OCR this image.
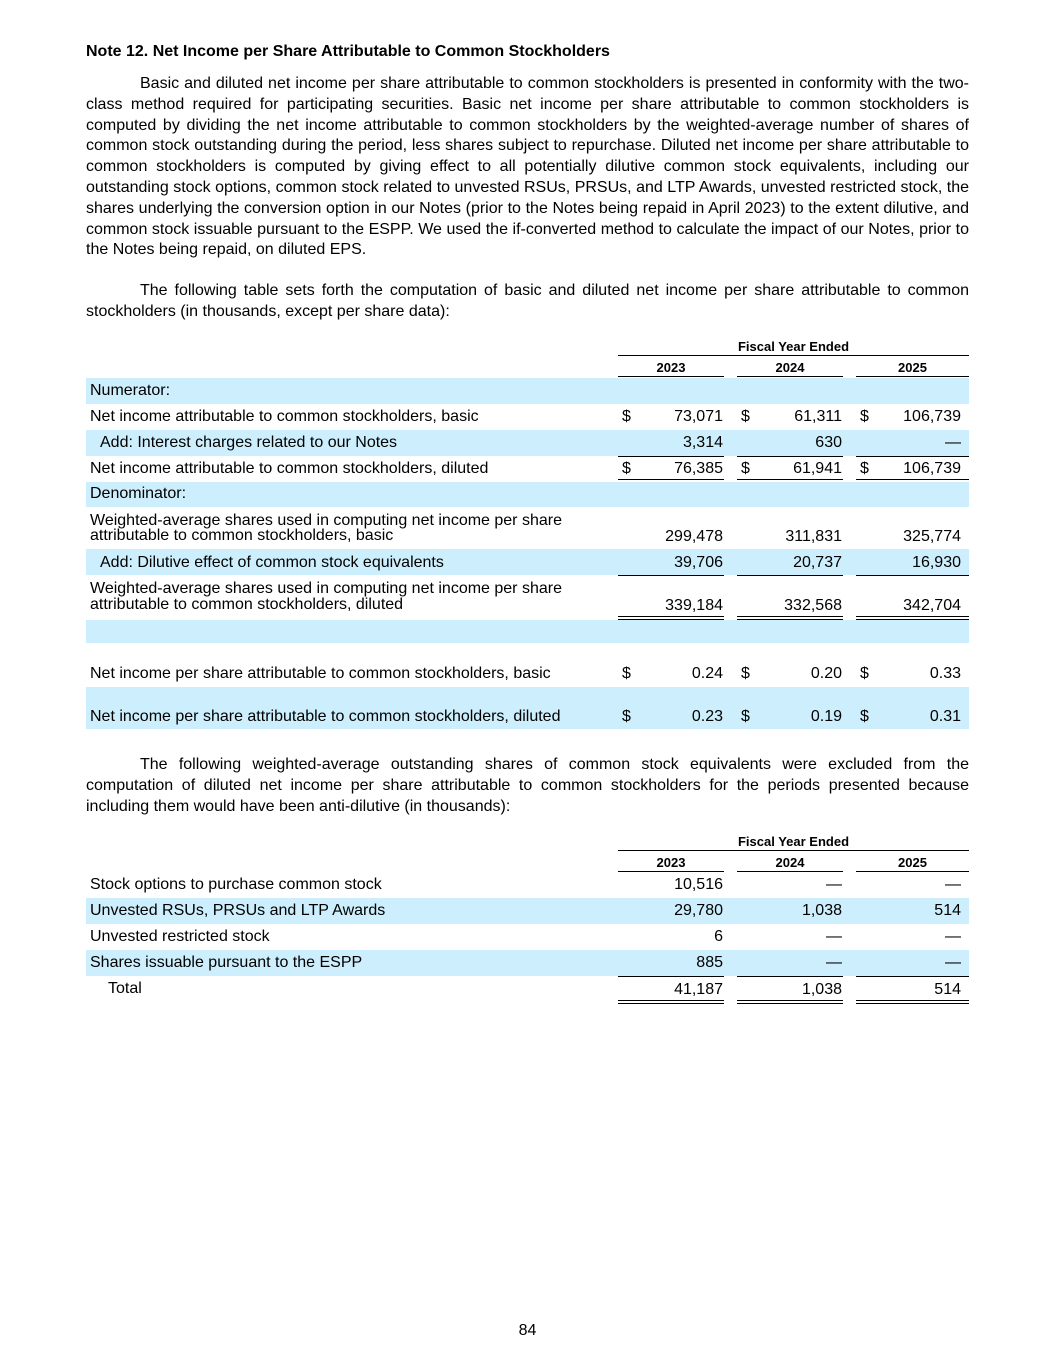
Note 12. Net Income per Share Attributable to Common Stockholders

Basic and diluted net income per share attributable to common stockholders is presented in conformity with the two-class method required for participating securities. Basic net income per share attributable to common stockholders is computed by dividing the net income attributable to common stockholders by the weighted-average number of shares of common stock outstanding during the period, less shares subject to repurchase. Diluted net income per share attributable to common stockholders is computed by giving effect to all potentially dilutive common stock equivalents, including our outstanding stock options, common stock related to unvested RSUs, PRSUs, and LTP Awards, unvested restricted stock, the shares underlying the conversion option in our Notes (prior to the Notes being repaid in April 2023) to the extent dilutive, and common stock issuable pursuant to the ESPP. We used the if-converted method to calculate the impact of our Notes, prior to the Notes being repaid, on diluted EPS.

The following table sets forth the computation of basic and diluted net income per share attributable to common stockholders (in thousands, except per share data):

Fiscal Year Ended
2023	2024	2025
Numerator:
Net income attributable to common stockholders, basic	$	73,071 $	61,311 $ 106,739
Add: Interest charges related to our Notes	3,314	630	—
Net income attributable to common stockholders, diluted	$	76,385 $	61,941 $ 106,739
Denominator:
Weighted-average shares used in computing net income per share
attributable to common stockholders, basic	299,478	311,831	325,774
Add: Dilutive effect of common stock equivalents	39,706	20,737	16,930
Weighted-average shares used in computing net income per share
attributable to common stockholders, diluted	339,184	332,568	342,704
Net income per share attributable to common stockholders, basic	$	0.24 $	0.20 $	0.33
Net income per share attributable to common stockholders, diluted	$	0.23 $	0.19 $	0.31

The following weighted-average outstanding shares of common stock equivalents were excluded from the computation of diluted net income per share attributable to common stockholders for the periods presented because including them would have been anti-dilutive (in thousands):

Fiscal Year Ended
2023	2024	2025
Stock options to purchase common stock	10,516	—	—
Unvested RSUs, PRSUs and LTP Awards	29,780	1,038	514
Unvested restricted stock	6	—	—
Shares issuable pursuant to the ESPP	885	—	—
Total	41,187	1,038	514
84
